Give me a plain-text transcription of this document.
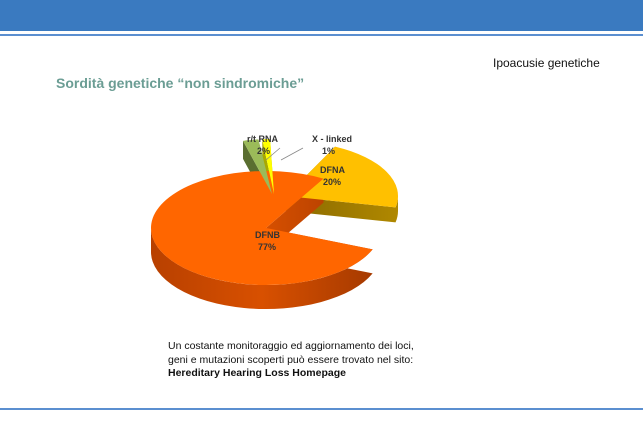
Ipoacusie genetiche
Sordità genetiche “non sindromiche”
DFNA
20%
DFNB
77%
r/t RNA
2%
X - linked
1%
Un costante monitoraggio ed aggiornamento dei loci, geni e mutazioni scoperti può essere trovato nel sito: Hereditary Hearing Loss Homepage
